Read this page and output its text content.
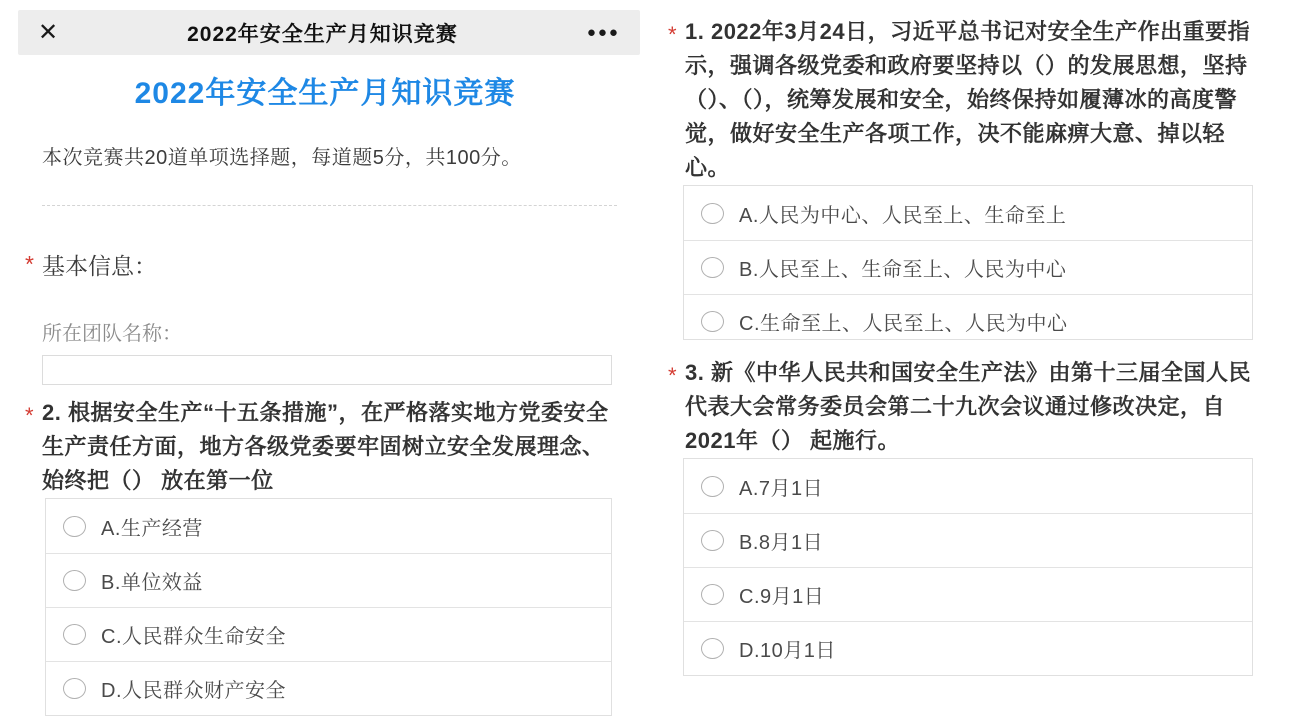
✕	2022年安全生产月知识竞赛	●●●
2022年安全生产月知识竞赛

本次竞赛共20道单项选择题，每道题5分，共100分。

* 基本信息：
所在团队名称：
* 2. 根据安全生产“十五条措施”，在严格落实地方党委安全生产责任方面，地方各级党委要牢固树立安全发展理念、始终把（） 放在第一位
A.生产经营
B.单位效益
C.人民群众生命安全
D.人民群众财产安全
* 1. 2022年3月24日，习近平总书记对安全生产作出重要指示，强调各级党委和政府要坚持以（）的发展思想，坚持（）、（），统筹发展和安全，始终保持如履薄冰的高度警觉，做好安全生产各项工作，决不能麻痹大意、掉以轻心。
A.人民为中心、人民至上、生命至上
B.人民至上、生命至上、人民为中心
C.生命至上、人民至上、人民为中心
* 3. 新《中华人民共和国安全生产法》由第十三届全国人民代表大会常务委员会第二十九次会议通过修改决定，自2021年（） 起施行。
A.7月1日
B.8月1日
C.9月1日
D.10月1日
